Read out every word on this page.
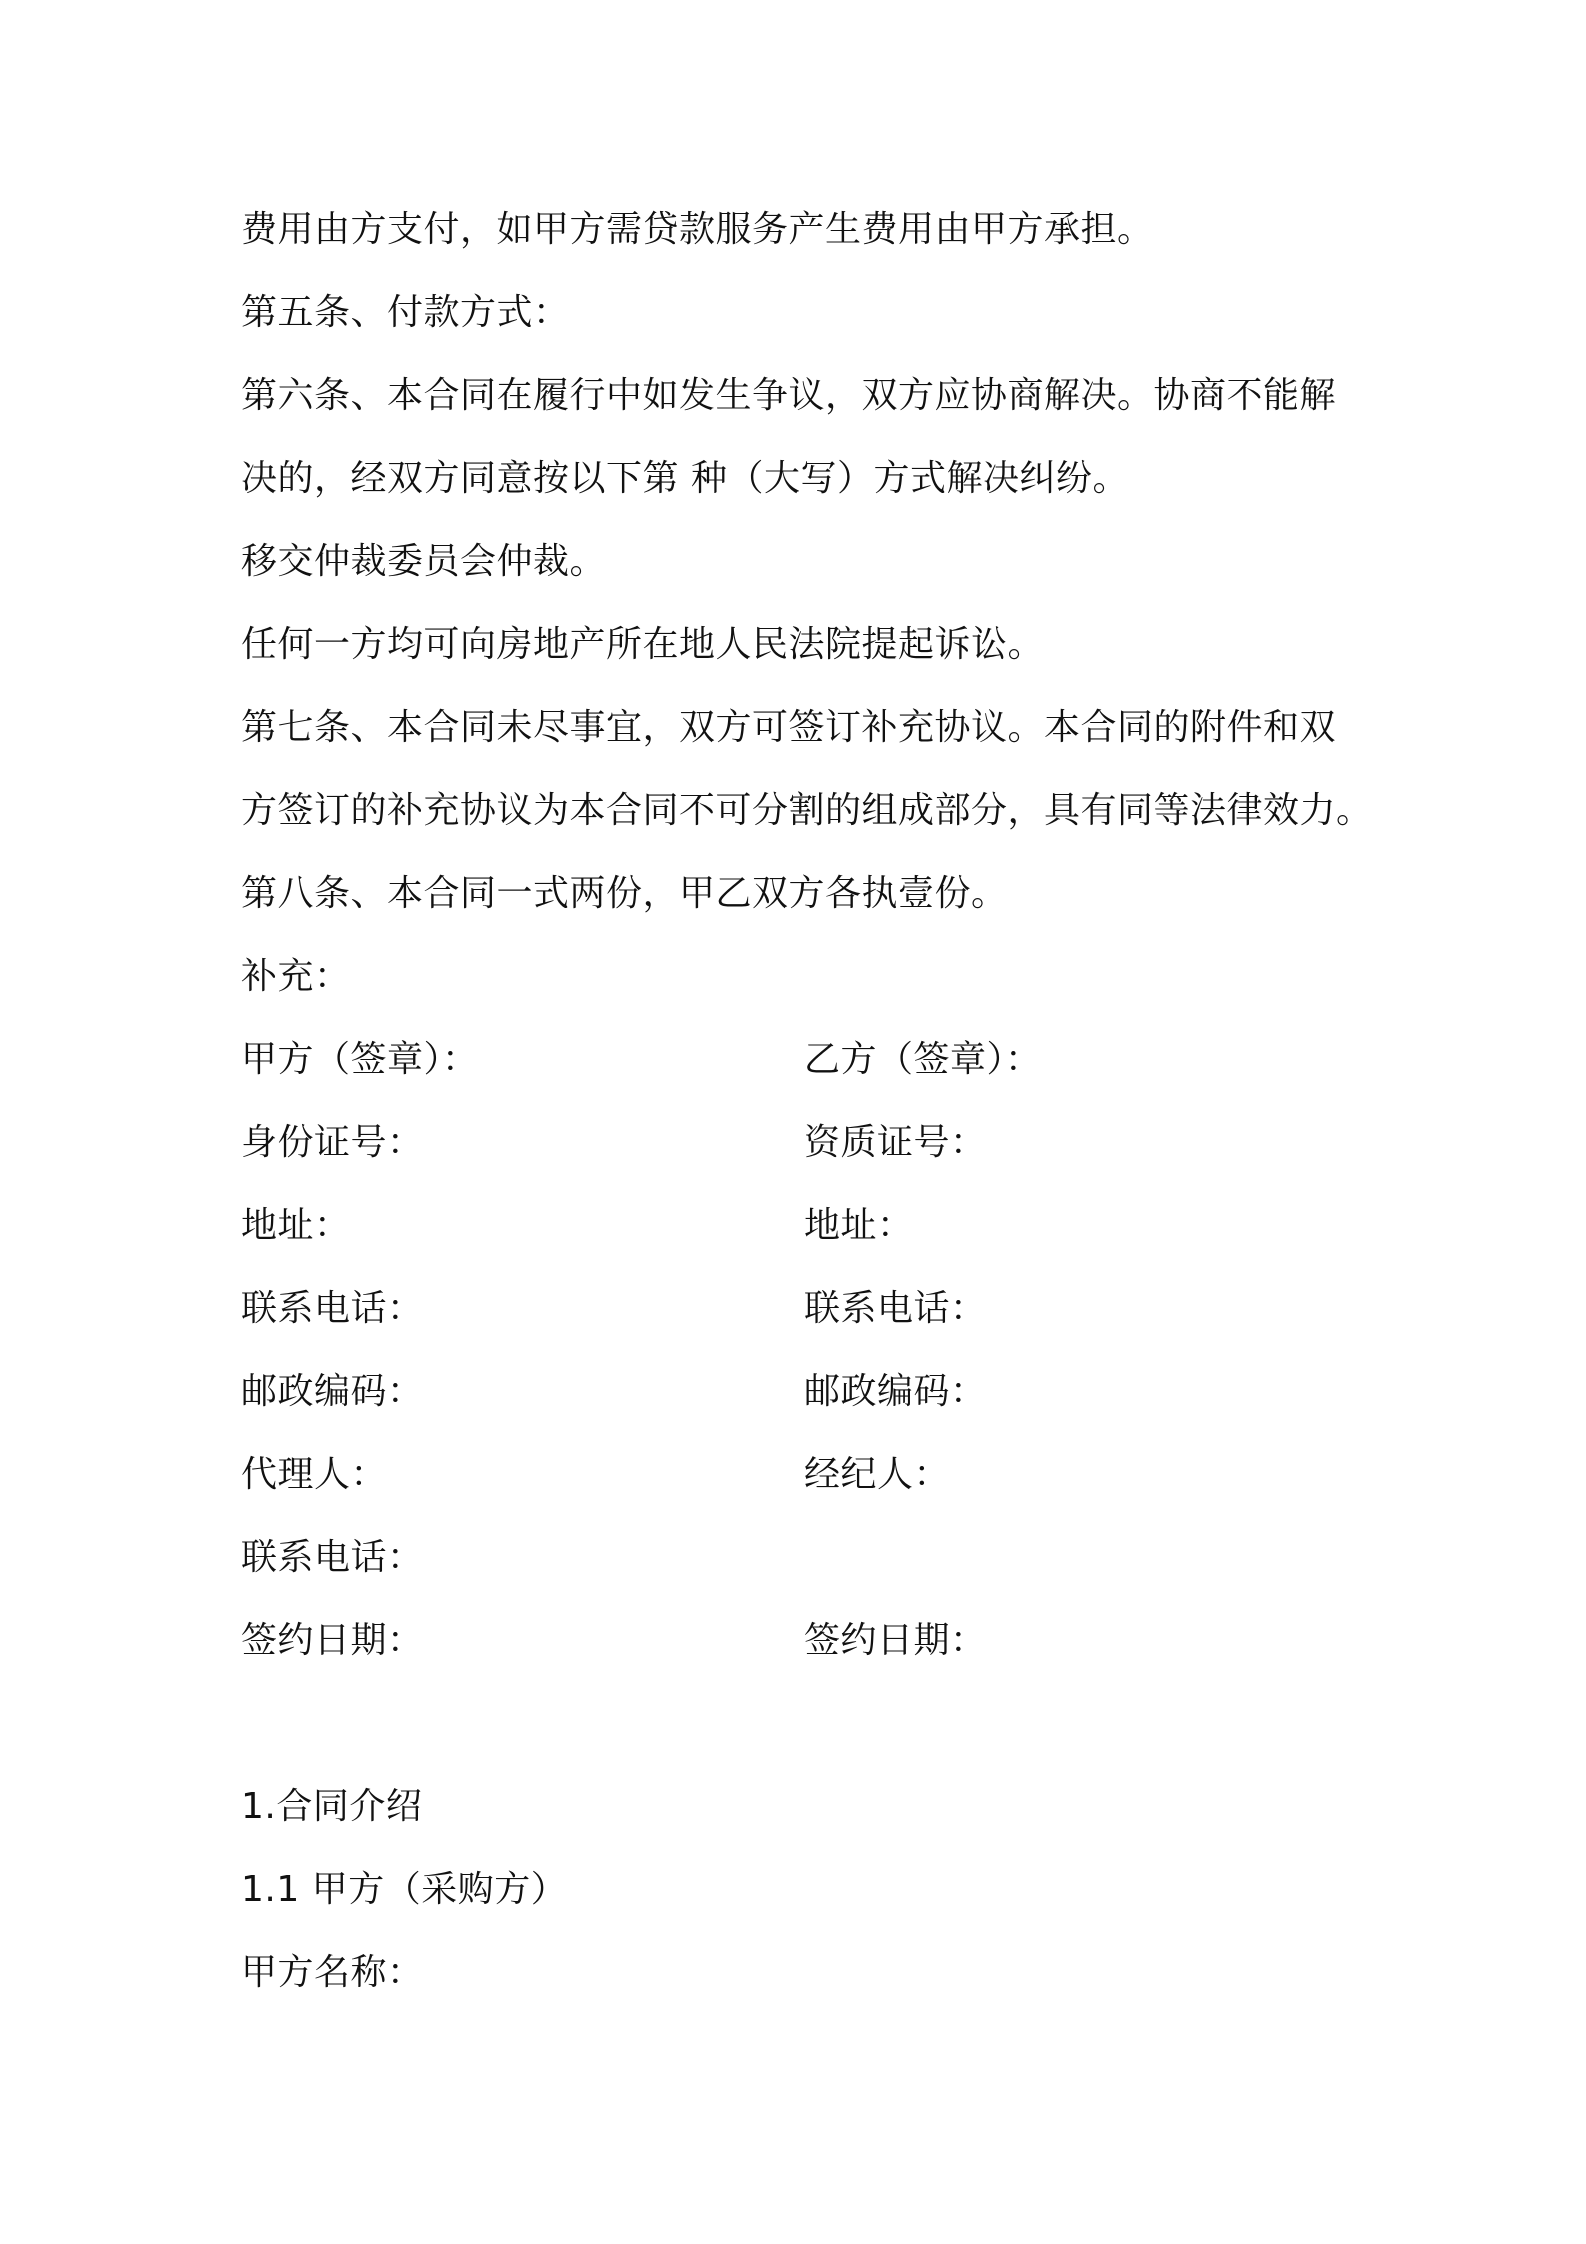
费用由方支付，如甲方需贷款服务产生费用由甲方承担。
第五条、付款方式：
第六条、本合同在履行中如发生争议，双方应协商解决。协商不能解
决的，经双方同意按以下第 种（大写）方式解决纠纷。
移交仲裁委员会仲裁。
任何一方均可向房地产所在地人民法院提起诉讼。
第七条、本合同未尽事宜，双方可签订补充协议。本合同的附件和双
方签订的补充协议为本合同不可分割的组成部分，具有同等法律效力。
第八条、本合同一式两份，甲乙双方各执壹份。
补充：
甲方（签章）：	乙方（签章）：
身份证号：	资质证号：
地址：	地址：
联系电话：	联系电话：
邮政编码：	邮政编码：
代理人：	经纪人：
联系电话：
签约日期：	签约日期：
1.合同介绍
1.1 甲方（采购方）
甲方名称：
